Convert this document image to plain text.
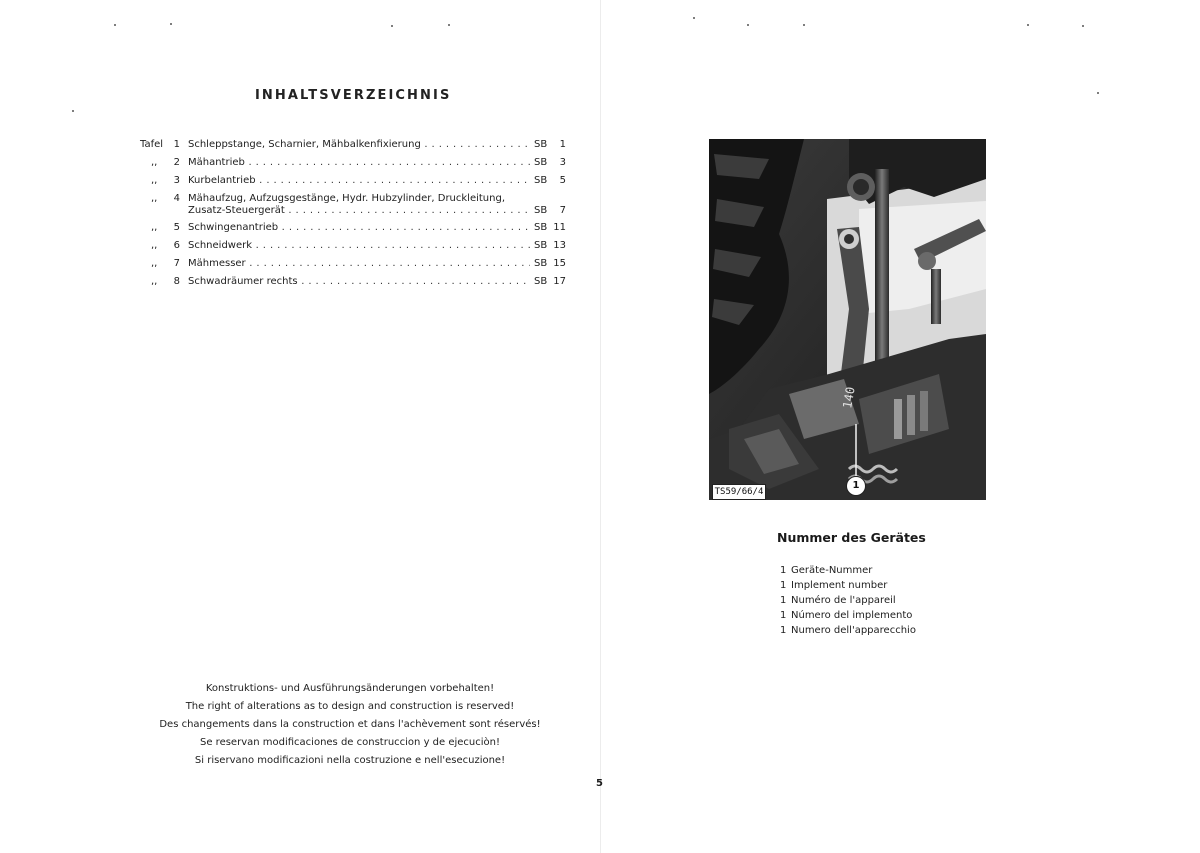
INHALTSVERZEICHNIS
Tafel	1 Schleppstange, Scharnier, Mähbalkenfixierung . . .	SB	1
,,	2 Mähantrieb . . .	SB	3
,,	3 Kurbelantrieb . . .	SB	5
,,	4 Mähaufzug, Aufzugsgestänge, Hydr. Hubzylinder, Druckleitung,
Zusatz-Steuergerät . . .	SB	7
,,	5 Schwingenantrieb . . .	SB 11
,,	6 Schneidwerk . . .	SB 13
,,	7 Mähmesser . . .	SB 15
,,	8 Schwadräumer rechts . . .	SB 17
Konstruktions- und Ausführungsänderungen vorbehalten!
The right of alterations as to design and construction is reserved!
Des changements dans la construction et dans l'achèvement sont réservés!
Se reservan modificaciones de construccion y de ejecuciòn!
Si riservano modificazioni nella costruzione e nell'esecuzione!
5
140
TS59/66/4
1
Nummer des Gerätes
1 Geräte-Nummer
1 Implement number
1 Numéro de l'appareil
1 Número del implemento
1 Numero dell'apparecchio
